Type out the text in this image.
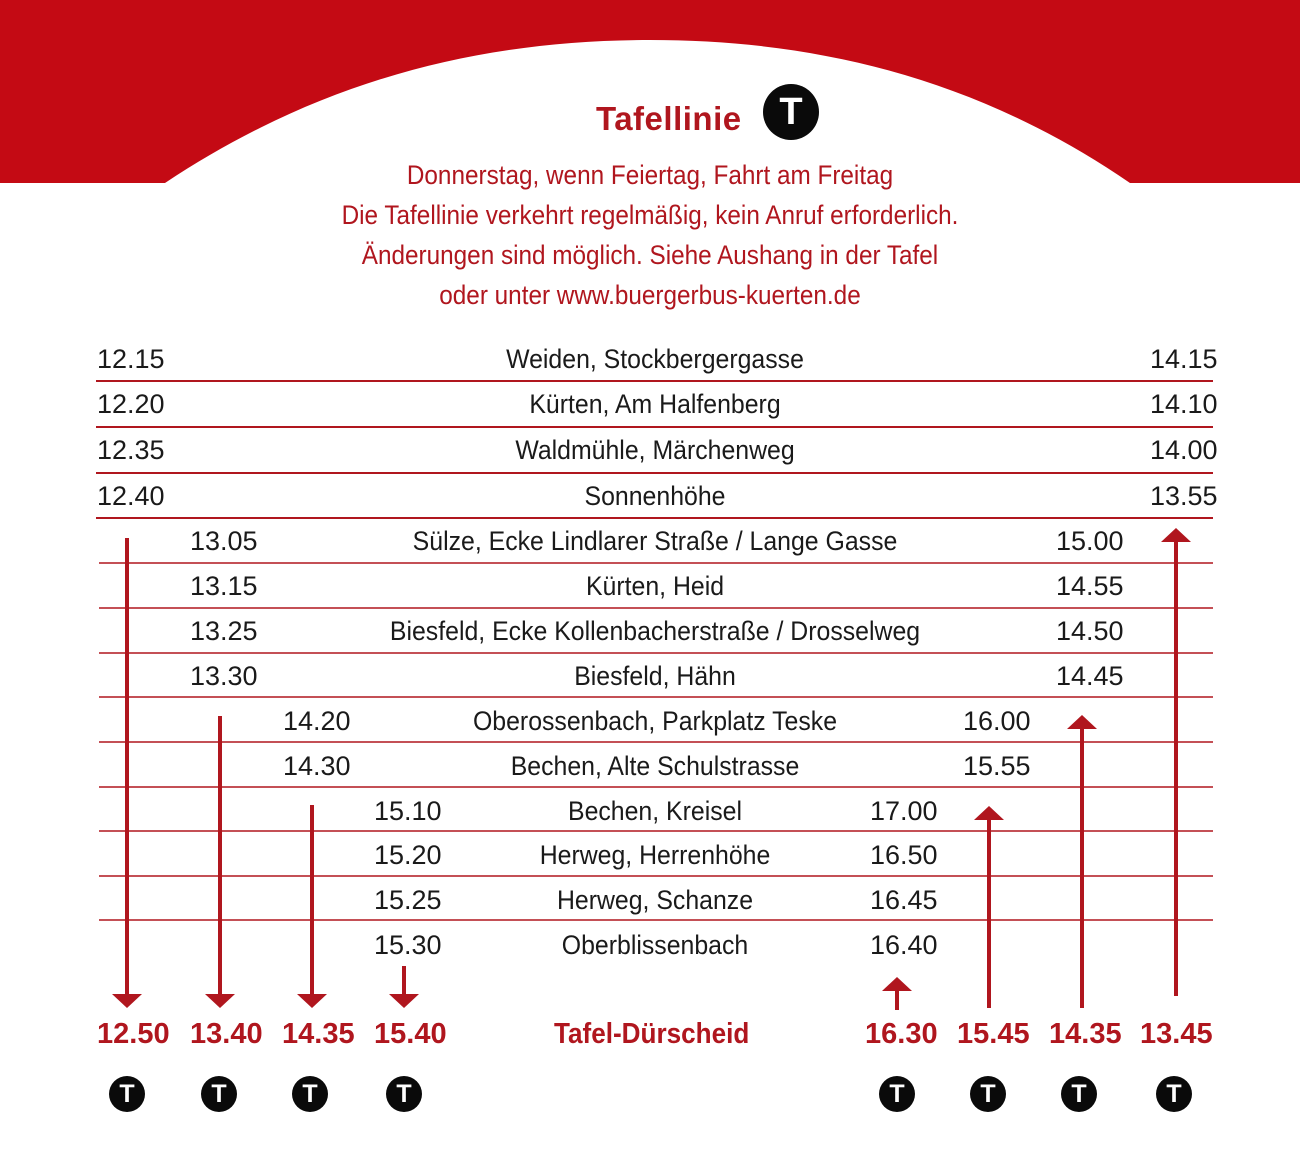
Tafellinie T
Donnerstag, wenn Feiertag, Fahrt am Freitag
Die Tafellinie verkehrt regelmäßig, kein Anruf erforderlich.
Änderungen sind möglich. Siehe Aushang in der Tafel
oder unter www.buergerbus-kuerten.de
12.15	Weiden, Stockbergergasse	14.15
12.20	Kürten, Am Halfenberg	14.10
12.35	Waldmühle, Märchenweg	14.00
12.40	Sonnenhöhe	13.55
13.05	Sülze, Ecke Lindlarer Straße / Lange Gasse	15.00
13.15	Kürten, Heid	14.55
13.25	Biesfeld, Ecke Kollenbacherstraße / Drosselweg	14.50
13.30	Biesfeld, Hähn	14.45
14.20	Oberossenbach, Parkplatz Teske	16.00
14.30	Bechen, Alte Schulstrasse	15.55
15.10	Bechen, Kreisel	17.00
15.20	Herweg, Herrenhöhe	16.50
15.25	Herweg, Schanze	16.45
15.30	Oberblissenbach	16.40
12.50 13.40 14.35 15.40	Tafel-Dürscheid	16.30 15.45 14.35 13.45
T	T	T	T	T	T	T	T
